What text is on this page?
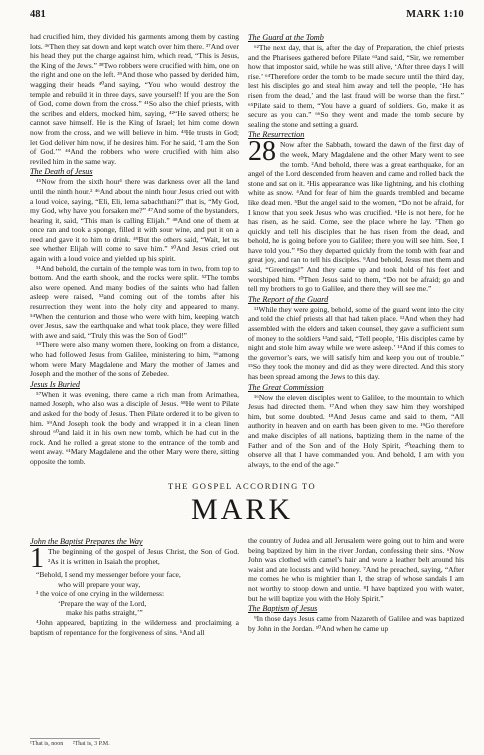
481	MARK 1:10

had crucified him, they divided his garments among them by casting lots. ³⁶Then they sat down and kept watch over him there. ³⁷And over his head they put the charge against him, which read, “This is Jesus, the King of the Jews.” ³⁸Two robbers were crucified with him, one on the right and one on the left. ³⁹And those who passed by derided him, wagging their heads ⁴⁰and saying, “You who would destroy the temple and rebuild it in three days, save yourself! If you are the Son of God, come down from the cross.” ⁴¹So also the chief priests, with the scribes and elders, mocked him, saying, ⁴²“He saved others; he cannot save himself. He is the King of Israel; let him come down now from the cross, and we will believe in him. ⁴³He trusts in God; let God deliver him now, if he desires him. For he said, ‘I am the Son of God.’” ⁴⁴And the robbers who were crucified with him also reviled him in the same way.

The Death of Jesus

⁴⁵Now from the sixth hour¹ there was darkness over all the land until the ninth hour.² ⁴⁶And about the ninth hour Jesus cried out with a loud voice, saying, “Eli, Eli, lema sabachthani?” that is, “My God, my God, why have you forsaken me?” ⁴⁷And some of the bystanders, hearing it, said, “This man is calling Elijah.” ⁴⁸And one of them at once ran and took a sponge, filled it with sour wine, and put it on a reed and gave it to him to drink. ⁴⁹But the others said, “Wait, let us see whether Elijah will come to save him.” ⁵⁰And Jesus cried out again with a loud voice and yielded up his spirit.

⁵¹And behold, the curtain of the temple was torn in two, from top to bottom. And the earth shook, and the rocks were split. ⁵²The tombs also were opened. And many bodies of the saints who had fallen asleep were raised, ⁵³and coming out of the tombs after his resurrection they went into the holy city and appeared to many. ⁵⁴When the centurion and those who were with him, keeping watch over Jesus, saw the earthquake and what took place, they were filled with awe and said, “Truly this was the Son of God!”

⁵⁵There were also many women there, looking on from a distance, who had followed Jesus from Galilee, ministering to him, ⁵⁶among whom were Mary Magdalene and Mary the mother of James and Joseph and the mother of the sons of Zebedee.

Jesus Is Buried

⁵⁷When it was evening, there came a rich man from Arimathea, named Joseph, who also was a disciple of Jesus. ⁵⁸He went to Pilate and asked for the body of Jesus. Then Pilate ordered it to be given to him. ⁵⁹And Joseph took the body and wrapped it in a clean linen shroud ⁶⁰and laid it in his own new tomb, which he had cut in the rock. And he rolled a great stone to the entrance of the tomb and went away. ⁶¹Mary Magdalene and the other Mary were there, sitting opposite the tomb.

The Guard at the Tomb

⁶²The next day, that is, after the day of Preparation, the chief priests and the Pharisees gathered before Pilate ⁶³and said, “Sir, we remember how that impostor said, while he was still alive, ‘After three days I will rise.’ ⁶⁴Therefore order the tomb to be made secure until the third day, lest his disciples go and steal him away and tell the people, ‘He has risen from the dead,’ and the last fraud will be worse than the first.” ⁶⁵Pilate said to them, “You have a guard of soldiers. Go, make it as secure as you can.” ⁶⁶So they went and made the tomb secure by sealing the stone and setting a guard.

The Resurrection

28 Now after the Sabbath, toward the dawn of the first day of the week, Mary Magdalene and the other Mary went to see the tomb. ²And behold, there was a great earthquake, for an angel of the Lord descended from heaven and came and rolled back the stone and sat on it. ³His appearance was like lightning, and his clothing white as snow. ⁴And for fear of him the guards trembled and became like dead men. ⁵But the angel said to the women, “Do not be afraid, for I know that you seek Jesus who was crucified. ⁶He is not here, for he has risen, as he said. Come, see the place where he lay. ⁷Then go quickly and tell his disciples that he has risen from the dead, and behold, he is going before you to Galilee; there you will see him. See, I have told you.” ⁸So they departed quickly from the tomb with fear and great joy, and ran to tell his disciples. ⁹And behold, Jesus met them and said, “Greetings!” And they came up and took hold of his feet and worshiped him. ¹⁰Then Jesus said to them, “Do not be afraid; go and tell my brothers to go to Galilee, and there they will see me.”

The Report of the Guard

¹¹While they were going, behold, some of the guard went into the city and told the chief priests all that had taken place. ¹²And when they had assembled with the elders and taken counsel, they gave a sufficient sum of money to the soldiers ¹³and said, “Tell people, ‘His disciples came by night and stole him away while we were asleep.’ ¹⁴And if this comes to the governor’s ears, we will satisfy him and keep you out of trouble.” ¹⁵So they took the money and did as they were directed. And this story has been spread among the Jews to this day.

The Great Commission

¹⁶Now the eleven disciples went to Galilee, to the mountain to which Jesus had directed them. ¹⁷And when they saw him they worshiped him, but some doubted. ¹⁸And Jesus came and said to them, “All authority in heaven and on earth has been given to me. ¹⁹Go therefore and make disciples of all nations, baptizing them in the name of the Father and of the Son and of the Holy Spirit, ²⁰teaching them to observe all that I have commanded you. And behold, I am with you always, to the end of the age.”

THE GOSPEL ACCORDING TO
MARK
John the Baptist Prepares the Way

1 The beginning of the gospel of Jesus Christ, the Son of God. ²As it is written in Isaiah the prophet,

“Behold, I send my messenger before your face,

who will prepare your way,

³ the voice of one crying in the wilderness:

‘Prepare the way of the Lord,

make his paths straight,’”

⁴John appeared, baptizing in the wilderness and proclaiming a baptism of repentance for the forgiveness of sins. ⁵And all

the country of Judea and all Jerusalem were going out to him and were being baptized by him in the river Jordan, confessing their sins. ⁶Now John was clothed with camel’s hair and wore a leather belt around his waist and ate locusts and wild honey. ⁷And he preached, saying, “After me comes he who is mightier than I, the strap of whose sandals I am not worthy to stoop down and untie. ⁸I have baptized you with water, but he will baptize you with the Holy Spirit.”

The Baptism of Jesus

⁹In those days Jesus came from Nazareth of Galilee and was baptized by John in the Jordan. ¹⁰And when he came up

¹That is, noon ²That is, 3 P.M.
